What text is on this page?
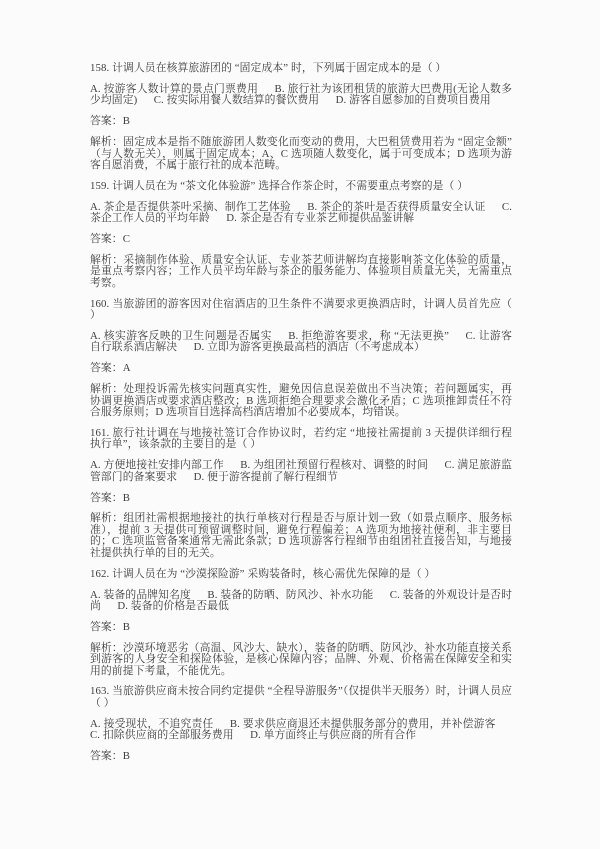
158. 计调人员在核算旅游团的 “固定成本” 时，下列属于固定成本的是（ ）

A. 按游客人数计算的景点门票费用   B. 旅行社为该团租赁的旅游大巴费用(无论人数多少均固定)   C. 按实际用餐人数结算的餐饮费用   D. 游客自愿参加的自费项目费用

答案：B

解析：固定成本是指不随旅游团人数变化而变动的费用，大巴租赁费用若为 “固定金额”（与人数无关），则属于固定成本；A、C 选项随人数变化，属于可变成本；D 选项为游客自愿消费，不属于旅行社的成本范畴。

159. 计调人员在为 “茶文化体验游” 选择合作茶企时，不需要重点考察的是（ ）

A. 茶企是否提供茶叶采摘、制作工艺体验   B. 茶企的茶叶是否获得质量安全认证   C. 茶企工作人员的平均年龄   D. 茶企是否有专业茶艺师提供品鉴讲解

答案：C

解析：采摘制作体验、质量安全认证、专业茶艺师讲解均直接影响茶文化体验的质量，是重点考察内容；工作人员平均年龄与茶企的服务能力、体验项目质量无关，无需重点考察。

160. 当旅游团的游客因对住宿酒店的卫生条件不满要求更换酒店时，计调人员首先应（ ）

A. 核实游客反映的卫生问题是否属实   B. 拒绝游客要求，称 “无法更换”   C. 让游客自行联系酒店解决   D. 立即为游客更换最高档的酒店（不考虑成本）

答案：A

解析：处理投诉需先核实问题真实性，避免因信息误差做出不当决策；若问题属实，再协调更换酒店或要求酒店整改；B 选项拒绝合理要求会激化矛盾；C 选项推卸责任不符合服务原则；D 选项盲目选择高档酒店增加不必要成本，均错误。

161. 旅行社计调在与地接社签订合作协议时，若约定 “地接社需提前 3 天提供详细行程执行单”，该条款的主要目的是（ ）

A. 方便地接社安排内部工作   B. 为组团社预留行程核对、调整的时间   C. 满足旅游监管部门的备案要求   D. 便于游客提前了解行程细节

答案：B

解析：组团社需根据地接社的执行单核对行程是否与原计划一致（如景点顺序、服务标准），提前 3 天提供可预留调整时间，避免行程偏差；A 选项为地接社便利，非主要目的；C 选项监管备案通常无需此条款；D 选项游客行程细节由组团社直接告知，与地接社提供执行单的目的无关。

162. 计调人员在为 “沙漠探险游” 采购装备时，核心需优先保障的是（ ）

A. 装备的品牌知名度   B. 装备的防晒、防风沙、补水功能   C. 装备的外观设计是否时尚   D. 装备的价格是否最低

答案：B

解析：沙漠环境恶劣（高温、风沙大、缺水），装备的防晒、防风沙、补水功能直接关系到游客的人身安全和探险体验，是核心保障内容；品牌、外观、价格需在保障安全和实用的前提下考量，不能优先。

163. 当旅游供应商未按合同约定提供 “全程导游服务”（仅提供半天服务）时，计调人员应（ ）

A. 接受现状，不追究责任   B. 要求供应商退还未提供服务部分的费用，并补偿游客  C. 扣除供应商的全部服务费用   D. 单方面终止与供应商的所有合作

答案：B
